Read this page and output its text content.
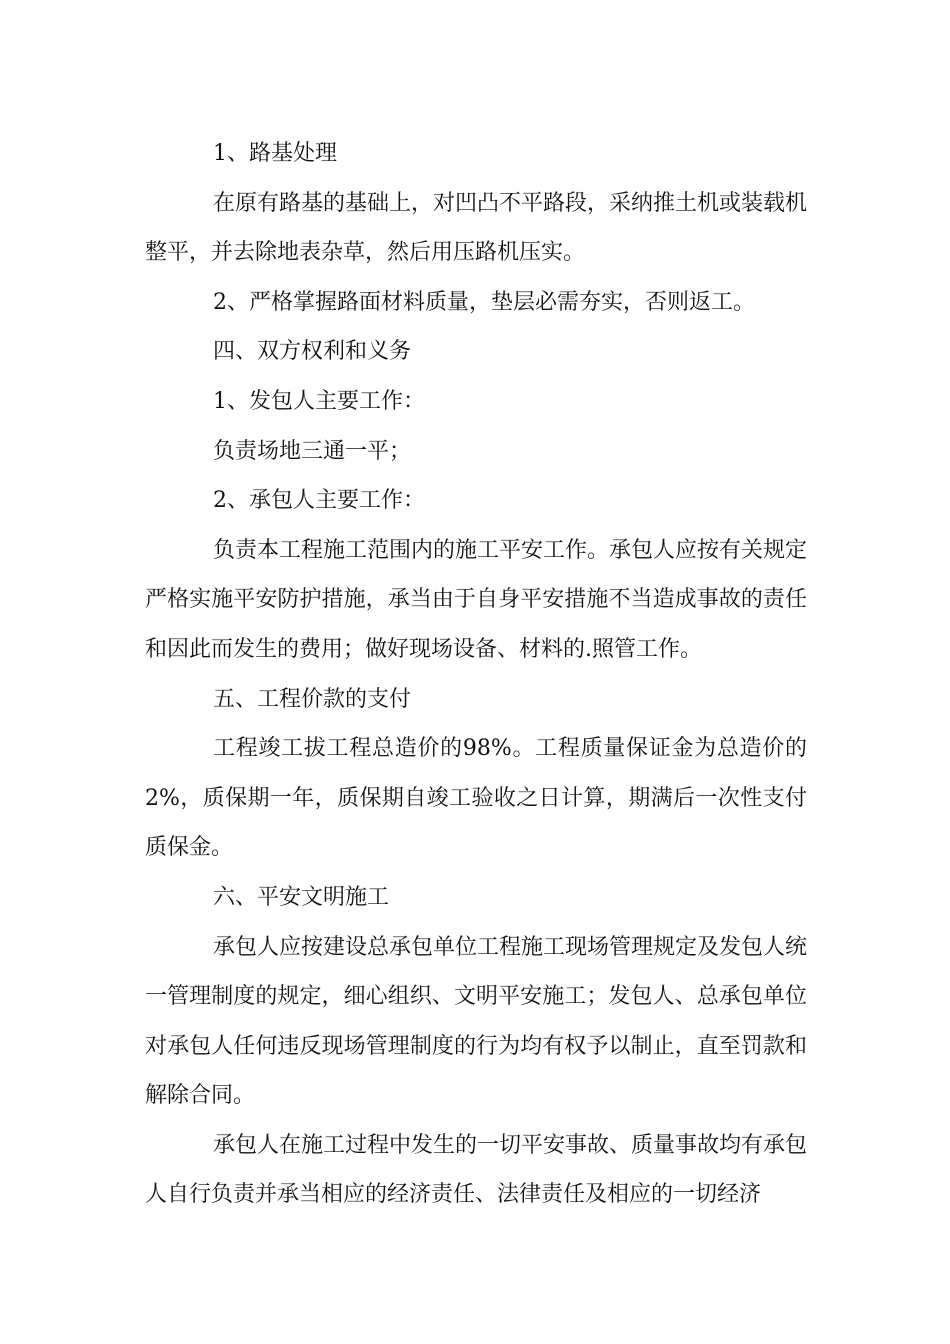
1、路基处理

在原有路基的基础上，对凹凸不平路段，采纳推土机或装载机整平，并去除地表杂草，然后用压路机压实。

2、严格掌握路面材料质量，垫层必需夯实，否则返工。

四、双方权利和义务

1、发包人主要工作：

负责场地三通一平；

2、承包人主要工作：

负责本工程施工范围内的施工平安工作。承包人应按有关规定严格实施平安防护措施，承当由于自身平安措施不当造成事故的责任和因此而发生的费用；做好现场设备、材料的.照管工作。

五、工程价款的支付

工程竣工拔工程总造价的98%。工程质量保证金为总造价的2%，质保期一年，质保期自竣工验收之日计算，期满后一次性支付质保金。

六、平安文明施工

承包人应按建设总承包单位工程施工现场管理规定及发包人统一管理制度的规定，细心组织、文明平安施工；发包人、总承包单位对承包人任何违反现场管理制度的行为均有权予以制止，直至罚款和解除合同。

承包人在施工过程中发生的一切平安事故、质量事故均有承包人自行负责并承当相应的经济责任、法律责任及相应的一切经济
